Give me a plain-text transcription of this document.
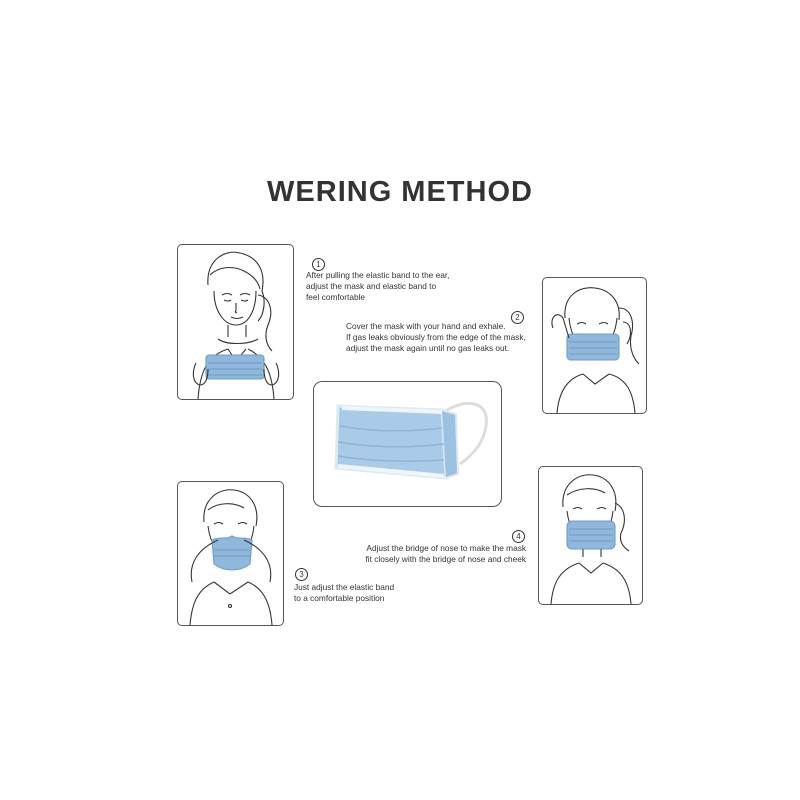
WERING METHOD
1
After pulling the elastic band to the ear,
adjust the mask and elastic band to
feel comfortable
2
Cover the mask with your hand and exhale.
If gas leaks obviously from the edge of the mask,
adjust the mask again until no gas leaks out.
3
Just adjust the elastic band
to a comfortable position
4
Adjust the bridge of nose to make the mask
fit closely with the bridge of nose and cheek
